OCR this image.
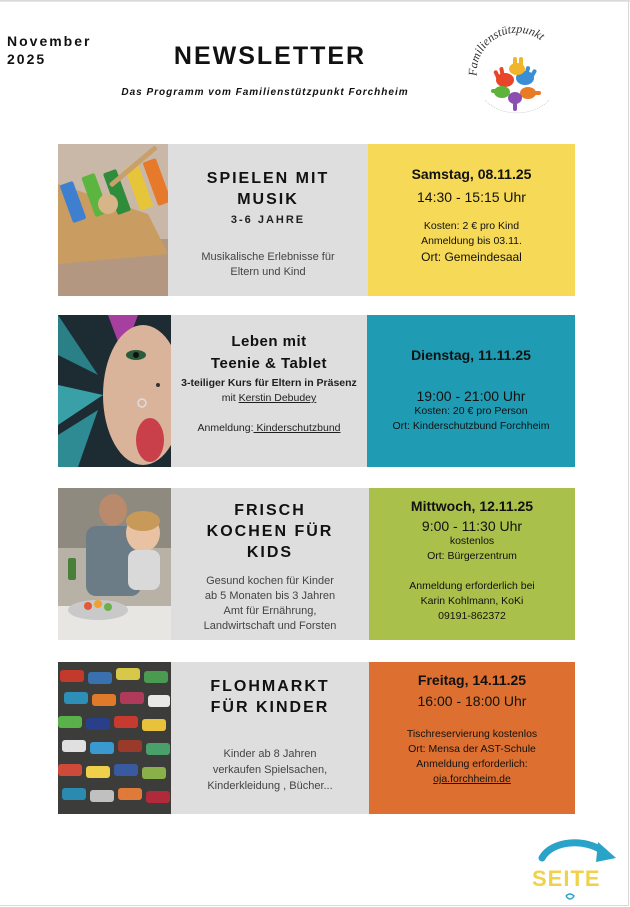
November
2025	NEWSLETTER
Das Programm vom Familienstützpunkt Forchheim
Familienstützpunkt
SPIELEN MIT
MUSIK
3-6 JAHRE
Musikalische Erlebnisse für
Eltern und Kind
Samstag, 08.11.25
14:30 - 15:15 Uhr
Kosten: 2 € pro Kind
Anmeldung bis 03.11.
Ort: Gemeindesaal
Leben mit
Teenie & Tablet
3-teiliger Kurs für Eltern in Präsenz
mit Kerstin Debudey
Anmeldung: Kinderschutzbund
Dienstag, 11.11.25
19:00 - 21:00 Uhr
Kosten: 20 € pro Person
Ort: Kinderschutzbund Forchheim
FRISCH
KOCHEN FÜR
KIDS
Gesund kochen für Kinder
ab 5 Monaten bis 3 Jahren
Amt für Ernährung,
Landwirtschaft und Forsten
Mittwoch, 12.11.25
9:00 - 11:30 Uhr
kostenlos
Ort: Bürgerzentrum
Anmeldung erforderlich bei
Karin Kohlmann, KoKi
09191-862372
FLOHMARKT
FÜR KINDER
Kinder ab 8 Jahren
verkaufen Spielsachen,
Kinderkleidung , Bücher...
Freitag, 14.11.25
16:00 - 18:00 Uhr
Tischreservierung kostenlos
Ort: Mensa der AST-Schule
Anmeldung erforderlich:
oja.forchheim.de
SEITE
